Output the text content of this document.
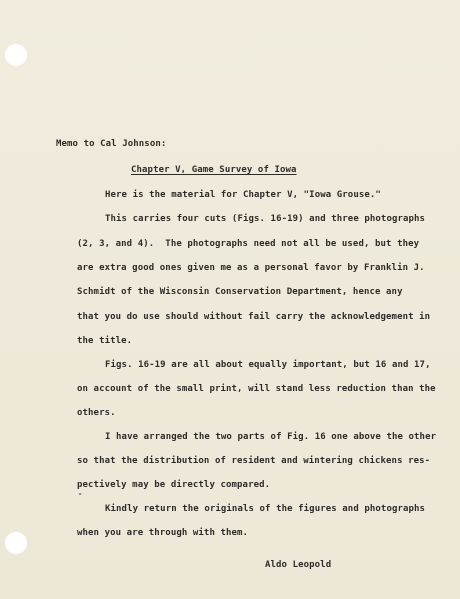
Memo to Cal Johnson:
Chapter V, Game Survey of Iowa
Here is the material for Chapter V, "Iowa Grouse."
This carries four cuts (Figs. 16-19) and three photographs
(2, 3, and 4).  The photographs need not all be used, but they
are extra good ones given me as a personal favor by Franklin J.
Schmidt of the Wisconsin Conservation Department, hence any
that you do use should without fail carry the acknowledgement in
the title.
Figs. 16-19 are all about equally important, but 16 and 17,
on account of the small print, will stand less reduction than the
others.
I have arranged the two parts of Fig. 16 one above the other
so that the distribution of resident and wintering chickens res-
pectively may be directly compared.
Kindly return the originals of the figures and photographs
when you are through with them.
-
Aldo Leopold
